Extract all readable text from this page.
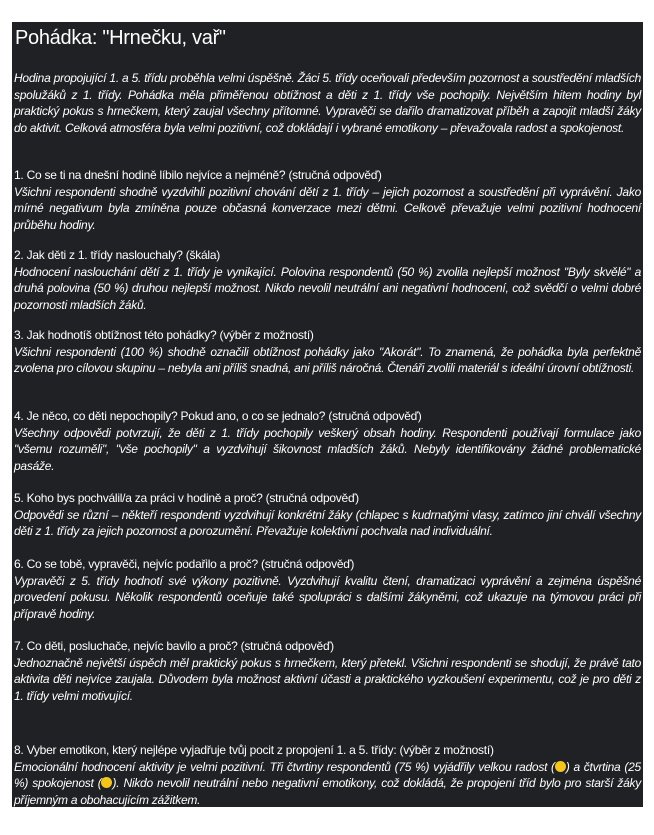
Pohádka: "Hrnečku, vař"
Hodina propojující 1. a 5. třídu proběhla velmi úspěšně. Žáci 5. třídy oceňovali především pozornost a soustředění mladších spolužáků z 1. třídy. Pohádka měla přiměřenou obtížnost a děti z 1. třídy vše pochopily. Největším hitem hodiny byl praktický pokus s hrnečkem, který zaujal všechny přítomné. Vypravěči se dařilo dramatizovat příběh a zapojit mladší žáky do aktivit. Celková atmosféra byla velmi pozitivní, což dokládají i vybrané emotikony – převažovala radost a spokojenost.
1. Co se ti na dnešní hodině líbilo nejvíce a nejméně? (stručná odpověď)
Všichni respondenti shodně vyzdvihli pozitivní chování dětí z 1. třídy – jejich pozornost a soustředění při vyprávění. Jako mírné negativum byla zmíněna pouze občasná konverzace mezi dětmi. Celkově převažuje velmi pozitivní hodnocení průběhu hodiny.
2. Jak děti z 1. třídy naslouchaly? (škála)
Hodnocení naslouchání dětí z 1. třídy je vynikající. Polovina respondentů (50 %) zvolila nejlepší možnost "Byly skvělé" a druhá polovina (50 %) druhou nejlepší možnost. Nikdo nevolil neutrální ani negativní hodnocení, což svědčí o velmi dobré pozornosti mladších žáků.
3. Jak hodnotíš obtížnost této pohádky? (výběr z možností)
Všichni respondenti (100 %) shodně označili obtížnost pohádky jako "Akorát". To znamená, že pohádka byla perfektně zvolena pro cílovou skupinu – nebyla ani příliš snadná, ani příliš náročná. Čtenáři zvolili materiál s ideální úrovní obtížnosti.
4. Je něco, co děti nepochopily? Pokud ano, o co se jednalo? (stručná odpověď)
Všechny odpovědi potvrzují, že děti z 1. třídy pochopily veškerý obsah hodiny. Respondenti používají formulace jako "všemu rozuměli", "vše pochopily" a vyzdvihují šikovnost mladších žáků. Nebyly identifikovány žádné problematické pasáže.
5. Koho bys pochválil/a za práci v hodině a proč? (stručná odpověď)
Odpovědi se různí – někteří respondenti vyzdvihují konkrétní žáky (chlapec s kudrnatými vlasy, zatímco jiní chválí všechny děti z 1. třídy za jejich pozornost a porozumění. Převažuje kolektivní pochvala nad individuální.
6. Co se tobě, vypravěči, nejvíc podařilo a proč? (stručná odpověď)
Vypravěči z 5. třídy hodnotí své výkony pozitivně. Vyzdvihují kvalitu čtení, dramatizaci vyprávění a zejména úspěšné provedení pokusu. Několik respondentů oceňuje také spolupráci s dalšími žákyněmi, což ukazuje na týmovou práci při přípravě hodiny.
7. Co děti, posluchače, nejvíc bavilo a proč? (stručná odpověď)
Jednoznačně největší úspěch měl praktický pokus s hrnečkem, který přetekl. Všichni respondenti se shodují, že právě tato aktivita děti nejvíce zaujala. Důvodem byla možnost aktivní účasti a praktického vyzkoušení experimentu, což je pro děti z 1. třídy velmi motivující.
8. Vyber emotikon, který nejlépe vyjadřuje tvůj pocit z propojení 1. a 5. třídy: (výběr z možností)
Emocionální hodnocení aktivity je velmi pozitivní. Tři čtvrtiny respondentů (75 %) vyjádřily velkou radost ( ) a čtvrtina (25 %) spokojenost ( ). Nikdo nevolil neutrální nebo negativní emotikony, což dokládá, že propojení tříd bylo pro starší žáky příjemným a obohacujícím zážitkem.
